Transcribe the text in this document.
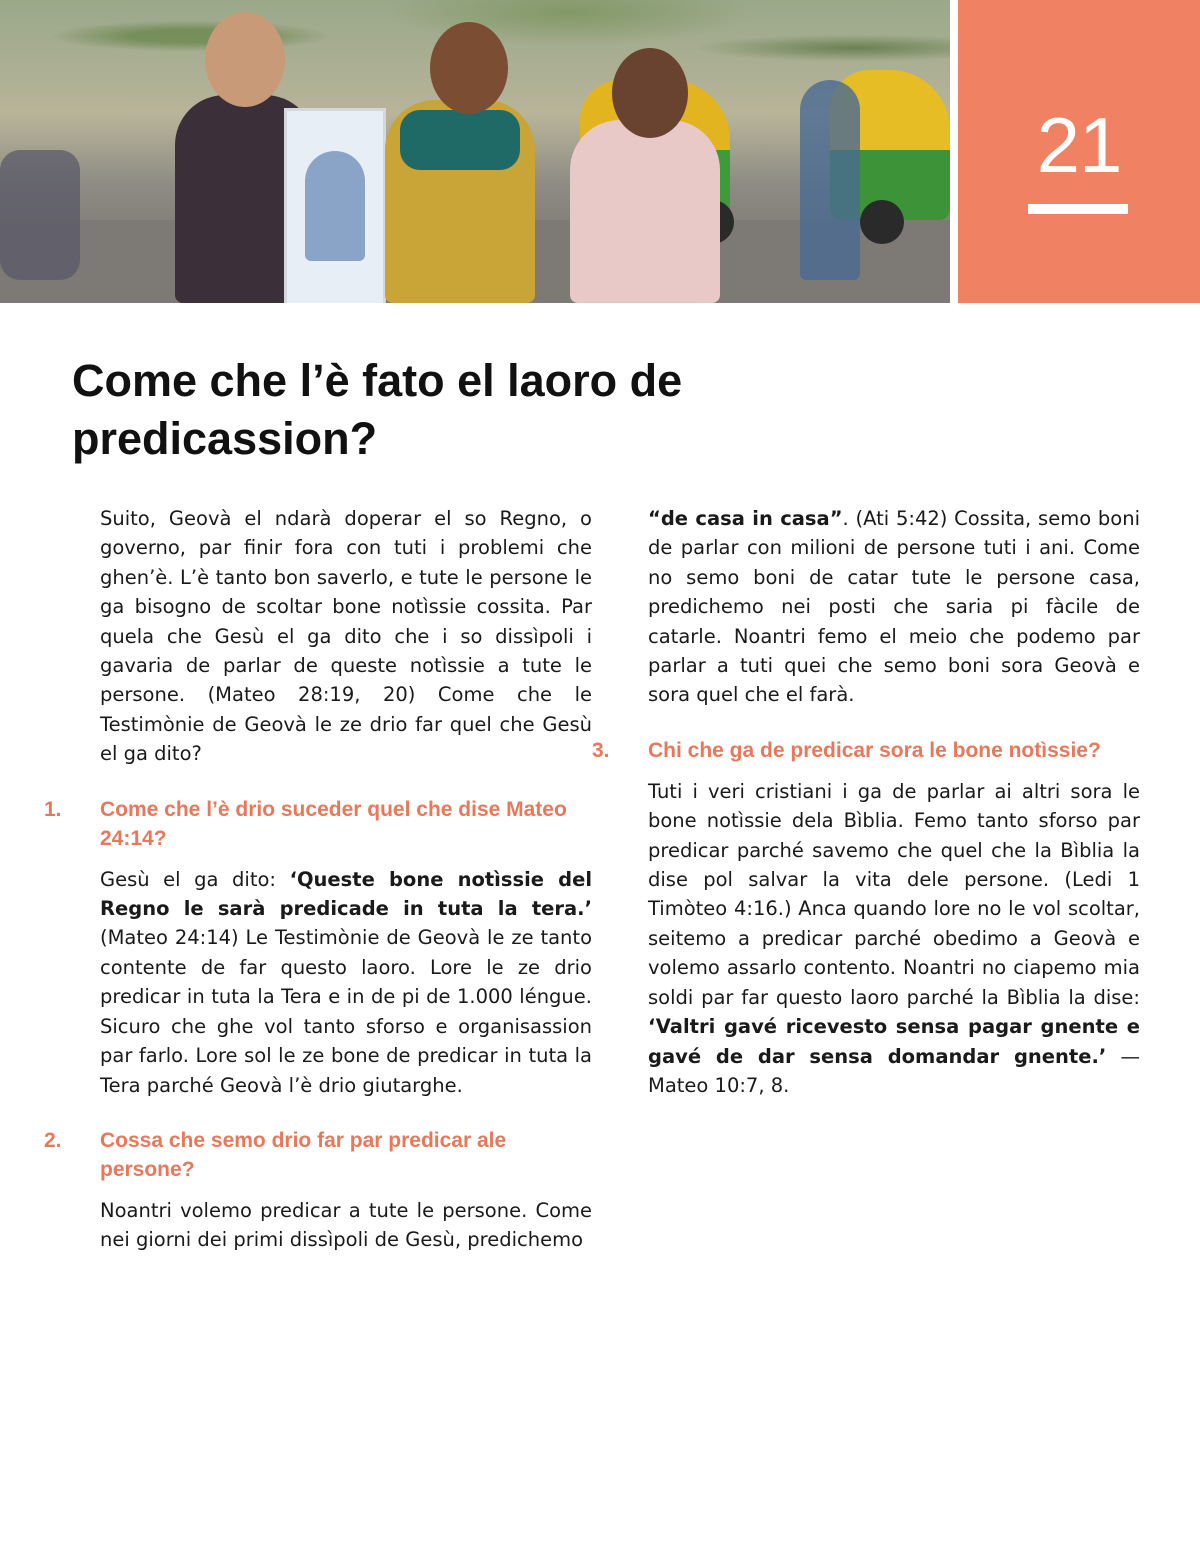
21
Come che l’è fato el laoro de predicassion?

Suito, Geovà el ndarà doperar el so Regno, o governo, par finir fora con tuti i problemi che ghen’è. L’è tanto bon saverlo, e tute le persone le ga bisogno de scoltar bone notìssie cossita. Par quela che Gesù el ga dito che i so dissìpoli i gavaria de parlar de queste notìssie a tute le persone. (Mateo 28:19, 20) Come che le Testimònie de Geovà le ze drio far quel che Gesù el ga dito?

1. Come che l’è drio suceder quel che dise Mateo 24:14?

Gesù el ga dito: ‘Queste bone notìssie del Regno le sarà predicade in tuta la tera.’ (Mateo 24:14) Le Testimònie de Geovà le ze tanto contente de far questo laoro. Lore le ze drio predicar in tuta la Tera e in de pi de 1.000 léngue. Sicuro che ghe vol tanto sforso e organisassion par farlo. Lore sol le ze bone de predicar in tuta la Tera parché Geovà l’è drio giutarghe.

2. Cossa che semo drio far par predicar ale persone?

Noantri volemo predicar a tute le persone. Come nei giorni dei primi dissìpoli de Gesù, predichemo

“de casa in casa”. (Ati 5:42) Cossita, semo boni de parlar con milioni de persone tuti i ani. Come no semo boni de catar tute le persone casa, predichemo nei posti che saria pi fàcile de catarle. Noantri femo el meio che podemo par parlar a tuti quei che semo boni sora Geovà e sora quel che el farà.

3. Chi che ga de predicar sora le bone notìssie?

Tuti i veri cristiani i ga de parlar ai altri sora le bone notìssie dela Bìblia. Femo tanto sforso par predicar parché savemo che quel che la Bìblia la dise pol salvar la vita dele persone. (Ledi 1 Timòteo 4:16.) Anca quando lore no le vol scoltar, seitemo a predicar parché obedimo a Geovà e volemo assarlo contento. Noantri no ciapemo mia soldi par far questo laoro parché la Bìblia la dise: ‘Valtri gavé ricevesto sensa pagar gnente e gavé de dar sensa domandar gnente.’ — Mateo 10:7, 8.
